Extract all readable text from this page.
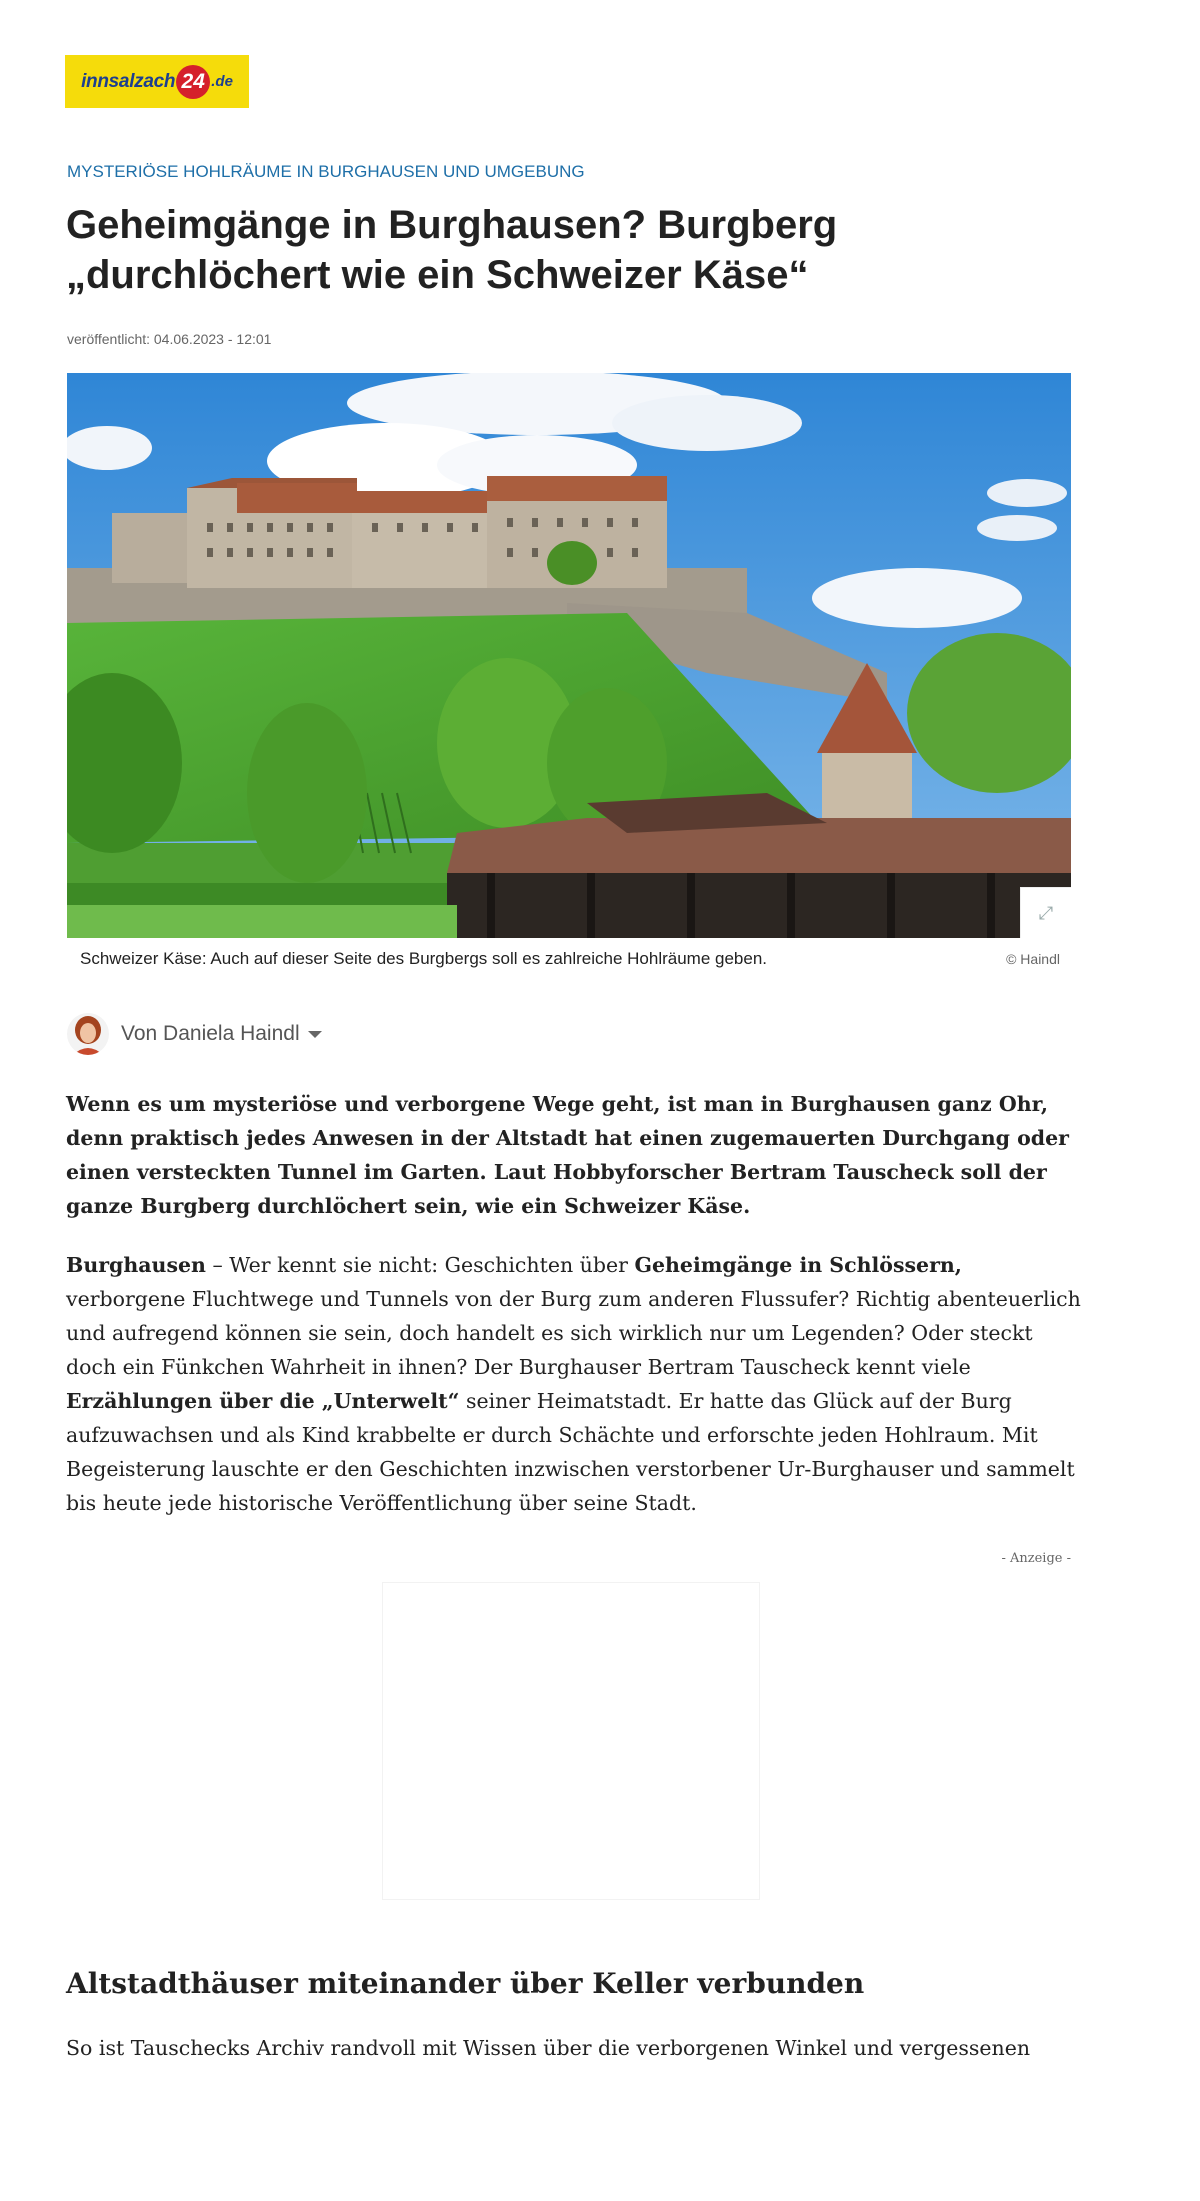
innsalzach 24 .de
MYSTERIÖSE HOHLRÄUME IN BURGHAUSEN UND UMGEBUNG
Geheimgänge in Burghausen? Burgberg „durchlöchert wie ein Schweizer Käse“
veröffentlicht: 04.06.2023 - 12:01
⤢
Schweizer Käse: Auch auf dieser Seite des Burgbergs soll es zahlreiche Hohlräume geben.	© Haindl
Von Daniela Haindl

Wenn es um mysteriöse und verborgene Wege geht, ist man in Burghausen ganz Ohr, denn praktisch jedes Anwesen in der Altstadt hat einen zugemauerten Durchgang oder einen versteckten Tunnel im Garten. Laut Hobbyforscher Bertram Tauscheck soll der ganze Burgberg durchlöchert sein, wie ein Schweizer Käse.

Burghausen – Wer kennt sie nicht: Geschichten über Geheimgänge in Schlössern, verborgene Fluchtwege und Tunnels von der Burg zum anderen Flussufer? Richtig abenteuerlich und aufregend können sie sein, doch handelt es sich wirklich nur um Legenden? Oder steckt doch ein Fünkchen Wahrheit in ihnen? Der Burghauser Bertram Tauscheck kennt viele Erzählungen über die „Unterwelt“ seiner Heimatstadt. Er hatte das Glück auf der Burg aufzuwachsen und als Kind krabbelte er durch Schächte und erforschte jeden Hohlraum. Mit Begeisterung lauschte er den Geschichten inzwischen verstorbener Ur-Burghauser und sammelt bis heute jede historische Veröffentlichung über seine Stadt.

- Anzeige -
Altstadthäuser miteinander über Keller verbunden

So ist Tauschecks Archiv randvoll mit Wissen über die verborgenen Winkel und vergessenen
